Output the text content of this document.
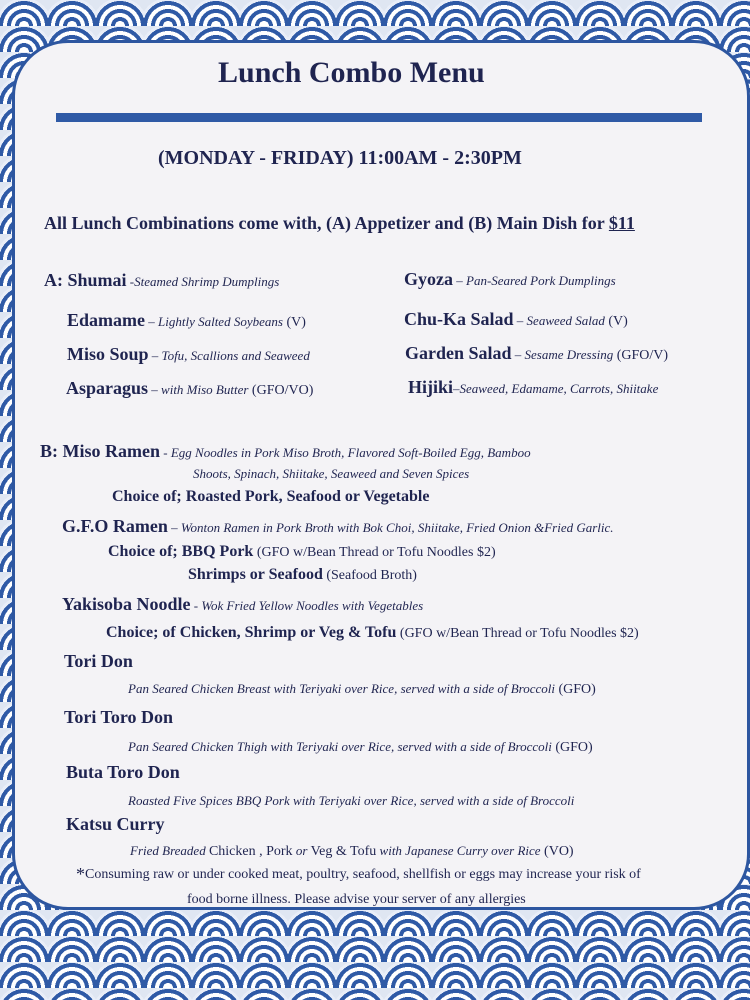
Lunch Combo Menu
(MONDAY - FRIDAY) 11:00AM - 2:30PM
All Lunch Combinations come with, (A) Appetizer and (B) Main Dish for $11
A: Shumai -Steamed Shrimp Dumplings
Edamame – Lightly Salted Soybeans (V)
Miso Soup – Tofu, Scallions and Seaweed
Asparagus – with Miso Butter (GFO/VO)
Gyoza – Pan-Seared Pork Dumplings
Chu-Ka Salad – Seaweed Salad (V)
Garden Salad – Sesame Dressing (GFO/V)
Hijiki–Seaweed, Edamame, Carrots, Shiitake
B: Miso Ramen - Egg Noodles in Pork Miso Broth, Flavored Soft-Boiled Egg, Bamboo
Shoots, Spinach, Shiitake, Seaweed and Seven Spices
Choice of; Roasted Pork, Seafood or Vegetable
G.F.O Ramen – Wonton Ramen in Pork Broth with Bok Choi, Shiitake, Fried Onion &Fried Garlic.
Choice of; BBQ Pork (GFO w/Bean Thread or Tofu Noodles $2)
Shrimps or Seafood (Seafood Broth)
Yakisoba Noodle - Wok Fried Yellow Noodles with Vegetables
Choice; of Chicken, Shrimp or Veg & Tofu (GFO w/Bean Thread or Tofu Noodles $2)
Tori Don
Pan Seared Chicken Breast with Teriyaki over Rice, served with a side of Broccoli (GFO)
Tori Toro Don
Pan Seared Chicken Thigh with Teriyaki over Rice, served with a side of Broccoli (GFO)
Buta Toro Don
Roasted Five Spices BBQ Pork with Teriyaki over Rice, served with a side of Broccoli
Katsu Curry
Fried Breaded Chicken , Pork or Veg & Tofu with Japanese Curry over Rice (VO)
*Consuming raw or under cooked meat, poultry, seafood, shellfish or eggs may increase your risk of
food borne illness. Please advise your server of any allergies
